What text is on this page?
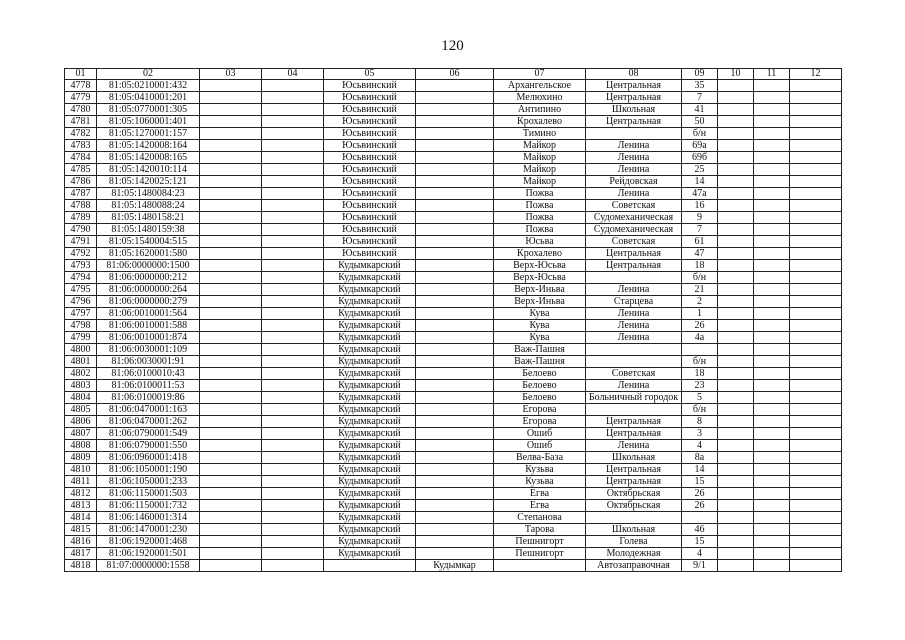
120
01	02	03	04	05	06	07	08	09	10	11	12
4778	81:05:0210001:432			Юсьвинский		Архангельское	Центральная	35			
4779	81:05:0410001:201			Юсьвинский		Мелюхино	Центральная	7			
4780	81:05:0770001:305			Юсьвинский		Антипино	Школьная	41			
4781	81:05:1060001:401			Юсьвинский		Крохалево	Центральная	50			
4782	81:05:1270001:157			Юсьвинский		Тимино		б/н			
4783	81:05:1420008:164			Юсьвинский		Майкор	Ленина	69а			
4784	81:05:1420008:165			Юсьвинский		Майкор	Ленина	69б			
4785	81:05:1420010:114			Юсьвинский		Майкор	Ленина	25			
4786	81:05:1420025:121			Юсьвинский		Майкор	Рейдовская	14			
4787	81:05:1480084:23			Юсьвинский		Пожва	Ленина	47а			
4788	81:05:1480088:24			Юсьвинский		Пожва	Советская	16			
4789	81:05:1480158:21			Юсьвинский		Пожва	Судомеханическая	9			
4790	81:05:1480159:38			Юсьвинский		Пожва	Судомеханическая	7			
4791	81:05:1540004:515			Юсьвинский		Юсьва	Советская	61			
4792	81:05:1620001:580			Юсьвинский		Крохалево	Центральная	47			
4793	81:06:0000000:1500			Кудымкарский		Верх-Юсьва	Центральная	18			
4794	81:06:0000000:212			Кудымкарский		Верх-Юсьва		б/н			
4795	81:06:0000000:264			Кудымкарский		Верх-Иньва	Ленина	21			
4796	81:06:0000000:279			Кудымкарский		Верх-Иньва	Старцева	2			
4797	81:06:0010001:564			Кудымкарский		Кува	Ленина	1			
4798	81:06:0010001:588			Кудымкарский		Кува	Ленина	26			
4799	81:06:0010001:874			Кудымкарский		Кува	Ленина	4а			
4800	81:06:0030001:109			Кудымкарский		Важ-Пашня					
4801	81:06:0030001:91			Кудымкарский		Важ-Пашня		б/н			
4802	81:06:0100010:43			Кудымкарский		Белоево	Советская	18			
4803	81:06:0100011:53			Кудымкарский		Белоево	Ленина	23			
4804	81:06:0100019:86			Кудымкарский		Белоево	Больничный городок	5			
4805	81:06:0470001:163			Кудымкарский		Егорова		б/н			
4806	81:06:0470001:262			Кудымкарский		Егорова	Центральная	8			
4807	81:06:0790001:549			Кудымкарский		Ошиб	Центральная	3			
4808	81:06:0790001:550			Кудымкарский		Ошиб	Ленина	4			
4809	81:06:0960001:418			Кудымкарский		Велва-База	Школьная	8а			
4810	81:06:1050001:190			Кудымкарский		Кузьва	Центральная	14			
4811	81:06:1050001:233			Кудымкарский		Кузьва	Центральная	15			
4812	81:06:1150001:503			Кудымкарский		Егва	Октябрьская	26			
4813	81:06:1150001:732			Кудымкарский		Егва	Октябрьская	26			
4814	81:06:1460001:314			Кудымкарский		Степанова					
4815	81:06:1470001:230			Кудымкарский		Тарова	Школьная	46			
4816	81:06:1920001:468			Кудымкарский		Пешнигорт	Голева	15			
4817	81:06:1920001:501			Кудымкарский		Пешнигорт	Молодежная	4			
4818	81:07:0000000:1558				Кудымкар		Автозаправочная	9/1			
